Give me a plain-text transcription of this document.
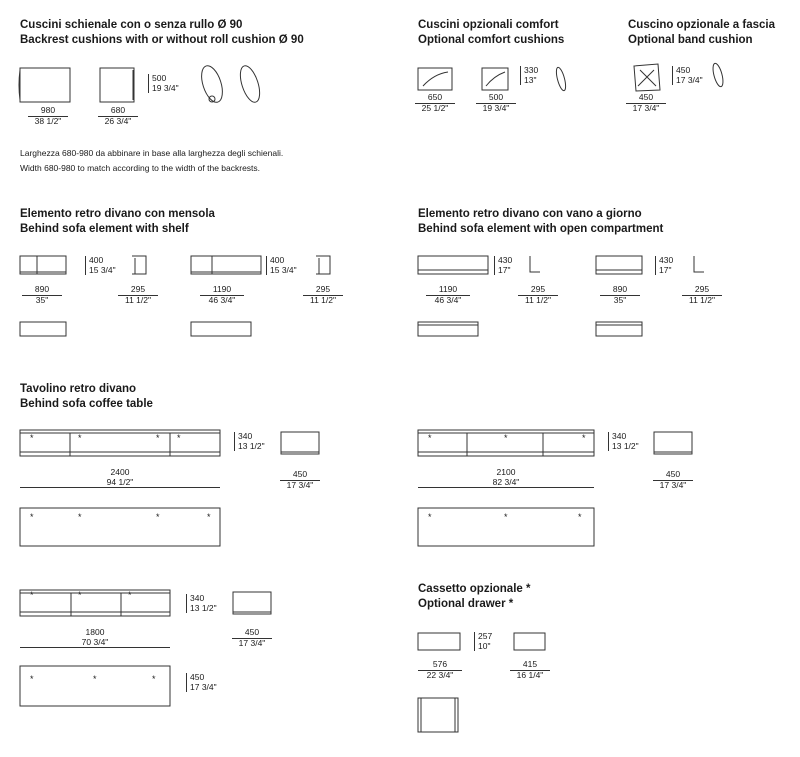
*	*	* *	*	*	*
*	*	*
*	*	*	*	*	*	*
*	*	*
Cuscini schienale con o senza rullo Ø 90
Backrest cushions with or without roll cushion Ø 90
Cuscini opzionali comfort
Optional comfort cushions
Cuscino opzionale a fascia
Optional band cushion
Elemento retro divano con mensola
Behind sofa element with shelf
Elemento retro divano con vano a giorno
Behind sofa element with open compartment
Tavolino retro divano
Behind sofa coffee table
Cassetto opzionale *
Optional drawer *
Larghezza 680-980 da abbinare in base alla larghezza degli schienali.
Width 680-980 to match according to the width of the backrests.
980
38 1/2"
680
26 3/4"
650
25 1/2"
500
19 3/4"
450
17 3/4"
890
35"
295
11 1/2"
1190
46 3/4"
295
11 1/2"
1190
46 3/4"
295
11 1/2"
890
35"
295
11 1/2"
2400
94 1/2"
450
17 3/4"
2100
82 3/4"
450
17 3/4"
1800
70 3/4"
450
17 3/4"
576
22 3/4"
415
16 1/4"
500
19 3/4"
330
13"
450
17 3/4"
400
15 3/4"
400
15 3/4"
430
17"
430
17"
340
13 1/2"
340
13 1/2"
340
13 1/2"
450
17 3/4"
257
10"
